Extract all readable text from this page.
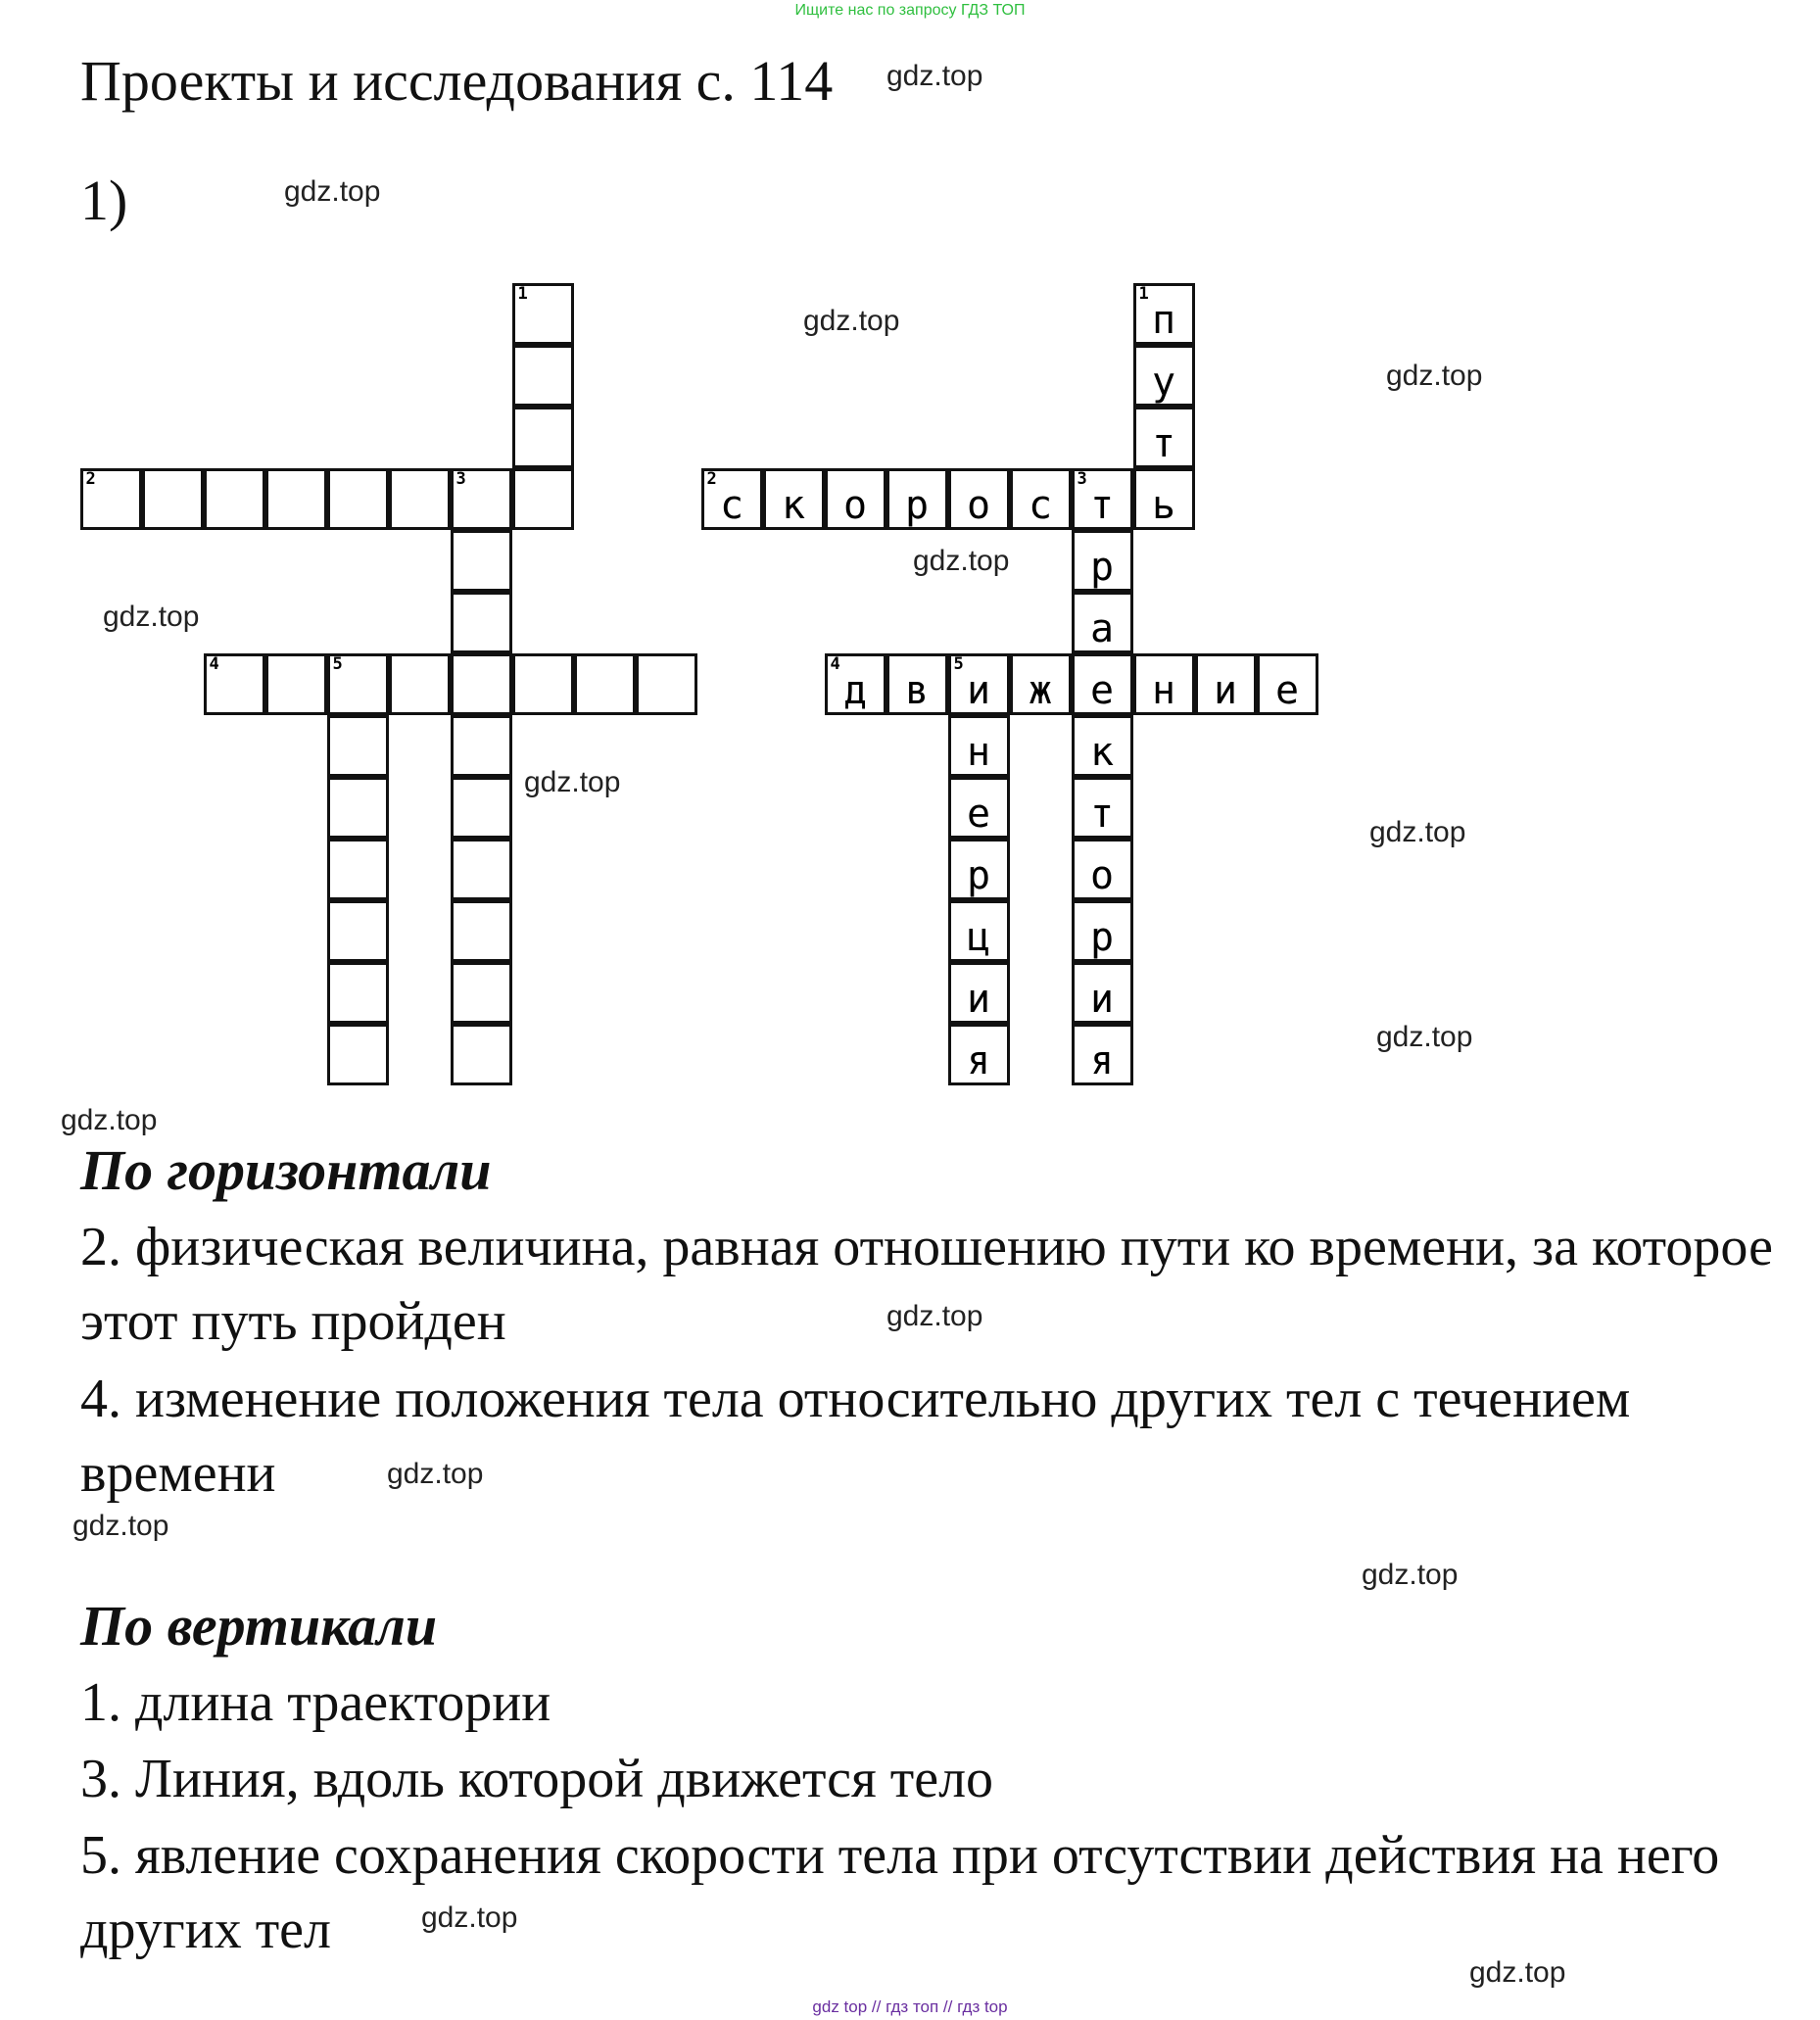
Ищите нас по запросу ГДЗ ТОП
Проекты и исследования с. 114
1)
1
2	3
4	5
1
п
у
т
ь
2
с к о р о с
3
т
р
а
е
к
т
о
р
и
я
4
д в
5
и ж	н и е
н
е
р
ц
и
я
По горизонтали
2. физическая величина, равная отношению пути ко времени, за которое этот путь пройден
4. изменение положения тела относительно других тел с течением времени
По вертикали
1. длина траектории
3. Линия, вдоль которой движется тело
5. явление сохранения скорости тела при отсутствии действия на него других тел
gdz.top
gdz.top
gdz.top
gdz.top
gdz.top
gdz.top
gdz.top
gdz.top
gdz.top
gdz.top
gdz.top
gdz.top
gdz.top
gdz.top
gdz.top
gdz.top
gdz top // гдз топ // гдз top
